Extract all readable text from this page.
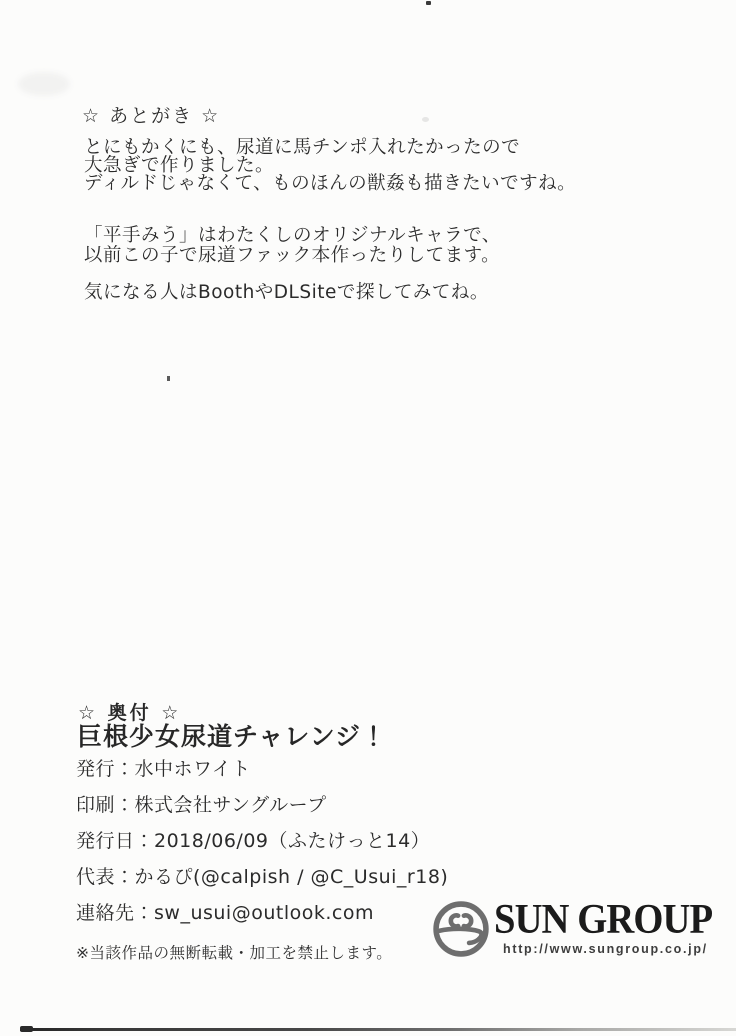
☆ あとがき ☆
とにもかくにも、尿道に馬チンポ入れたかったので
大急ぎで作りました。
ディルドじゃなくて、ものほんの獣姦も描きたいですね。
「平手みう」はわたくしのオリジナルキャラで、
以前この子で尿道ファック本作ったりしてます。
気になる人はBoothやDLSiteで探してみてね。
☆ 奥付 ☆
巨根少女尿道チャレンジ！
発行：水中ホワイト
印刷：株式会社サングループ
発行日：2018/06/09（ふたけっと14）
代表：かるぴ(@calpish / @C_Usui_r18)
連絡先：sw_usui@outlook.com
※当該作品の無断転載・加工を禁止します。
SUN GROUP
http://www.sungroup.co.jp/
